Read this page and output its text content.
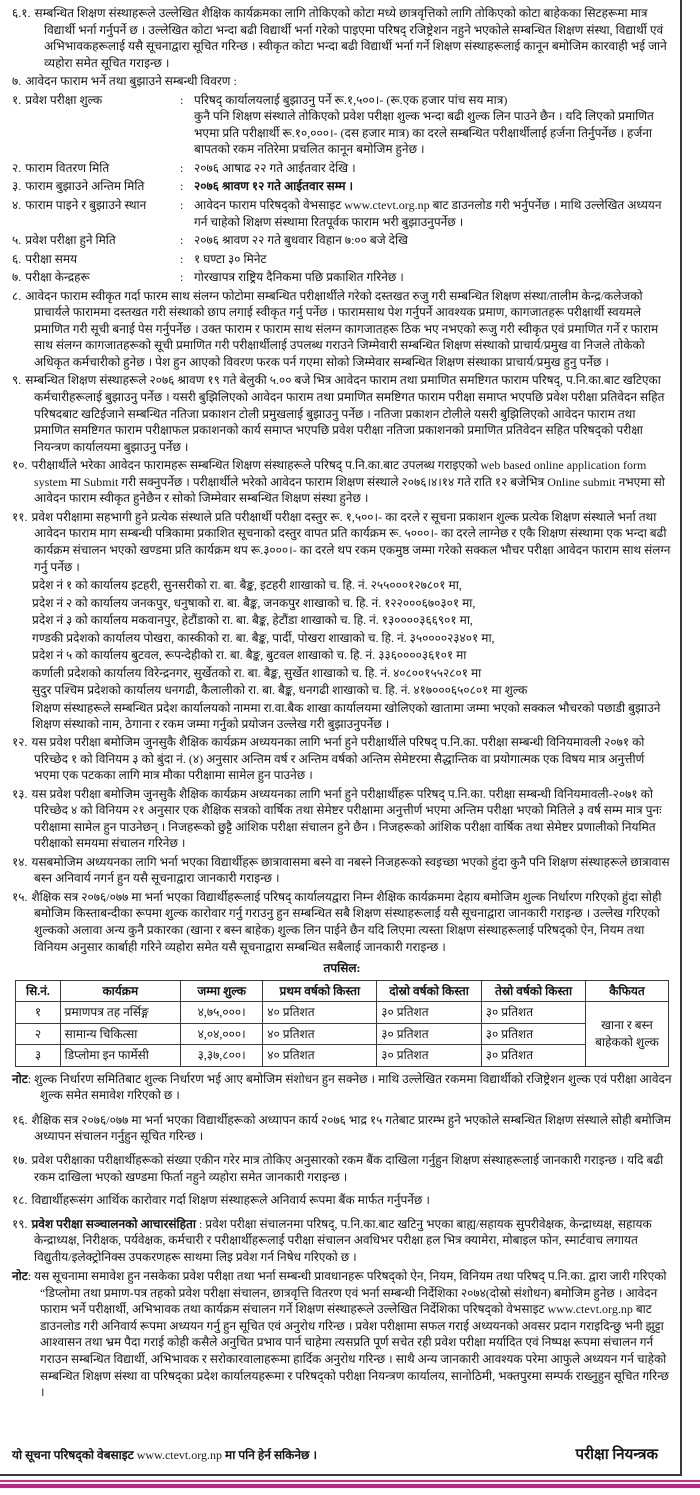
६.१. सम्बन्धित शिक्षण संस्थाहरूले उल्लेखित शैक्षिक कार्यक्रमका लागि तोकिएको कोटा मध्ये छात्रवृत्तिको लागि तोकिएको कोटा बाहेकका सिटहरूमा मात्र विद्यार्थी भर्ना गर्नुपर्ने छ । उल्लेखित कोटा भन्दा बढी विद्यार्थी भर्ना गरेको पाइएमा परिषद् रजिष्ट्रेशन नहुने भएकोले सम्बन्धित शिक्षण संस्था, विद्यार्थी एवं अभिभावकहरूलाई यसै सूचनाद्वारा सूचित गरिन्छ । स्वीकृत कोटा भन्दा बढी विद्यार्थी भर्ना गर्ने शिक्षण संस्थाहरूलाई कानून बमोजिम कारवाही भई जाने व्यहोरा समेत सूचित गराइन्छ ।
७. आवेदन फाराम भर्ने तथा बुझाउने सम्बन्धी विवरण :
१. प्रवेश परीक्षा शुल्क	: परिषद् कार्यालयलाई बुझाउनु पर्ने रू.१,५००।- (रू.एक हजार पांच सय मात्र)
कुनै पनि शिक्षण संस्थाले तोकिएको प्रवेश परीक्षा शुल्क भन्दा बढी शुल्क लिन पाउने छैन । यदि लिएको प्रमाणित भएमा प्रति परीक्षार्थी रू.१०,०००।- (दस हजार मात्र) का दरले सम्बन्धित परीक्षार्थीलाई हर्जना तिर्नुपर्नेछ । हर्जना बापतको रकम नतिरेमा प्रचलित कानून बमोजिम हुनेछ ।
२. फाराम वितरण मिति	: २०७६ आषाढ २२ गते आईतवार देखि ।
३. फाराम बुझाउने अन्तिम मिति	: २०७६ श्रावण १२ गते आईतवार सम्म ।
४. फाराम पाइने र बुझाउने स्थान	: आवेदन फाराम परिषद्को वेभसाइट www.ctevt.org.np बाट डाउनलोड गरी भर्नुपर्नेछ । माथि उल्लेखित अध्ययन गर्न चाहेको शिक्षण संस्थामा रितपूर्वक फाराम भरी बुझाउनुपर्नेछ ।
५. प्रवेश परीक्षा हुने मिति	: २०७६ श्रावण २२ गते बुधवार विहान ७:०० बजे देखि
६. परीक्षा समय	: १ घण्टा ३० मिनेट
७. परीक्षा केन्द्रहरू	: गोरखापत्र राष्ट्रिय दैनिकमा पछि प्रकाशित गरिनेछ ।
८. आवेदन फाराम स्वीकृत गर्दा फारम साथ संलग्न फोटोमा सम्बन्धित परीक्षार्थीले गरेको दस्तखत रुजु गरी सम्बन्धित शिक्षण संस्था/तालीम केन्द्र/कलेजको प्राचार्यले फाराममा दस्तखत गरी संस्थाको छाप लगाई स्वीकृत गर्नु पर्नेछ । फारामसाथ पेश गर्नुपर्ने आवश्यक प्रमाण, कागजातहरू परीक्षार्थी स्वयमले प्रमाणित गरी सूची बनाई पेस गर्नुपर्नेछ । उक्त फाराम र फाराम साथ संलग्न कागजातहरू ठिक भए नभएको रूजु गरी स्वीकृत एवं प्रमाणित गर्ने र फाराम साथ संलग्न कागजातहरूको सूची प्रमाणित गरी परीक्षार्थीलाई उपलब्ध गराउने जिम्मेवारी सम्बन्धित शिक्षण संस्थाको प्राचार्य/प्रमुख वा निजले तोकेको अधिकृत कर्मचारीको हुनेछ । पेश हुन आएको विवरण फरक पर्न गएमा सोको जिम्मेवार सम्बन्धित शिक्षण संस्थाका प्राचार्य/प्रमुख हुनु पर्नेछ ।
९. सम्बन्धित शिक्षण संस्थाहरूले २०७६ श्रावण १९ गते बेलुकी ५.०० बजे भित्र आवेदन फाराम तथा प्रमाणित समष्टिगत फाराम परिषद्, प.नि.का.बाट खटिएका कर्मचारीहरूलाई बुझाउनु पर्नेछ । यसरी बुझिलिएको आवेदन फाराम तथा प्रमाणित समष्टिगत फाराम परीक्षा समाप्त भएपछि प्रवेश परीक्षा प्रतिवेदन सहित परिषदबाट खटिईजाने सम्बन्धित नतिजा प्रकाशन टोली प्रमुखलाई बुझाउनु पर्नेछ । नतिजा प्रकाशन टोलीले यसरी बुझिलिएको आवेदन फाराम तथा प्रमाणित समष्टिगत फाराम परीक्षाफल प्रकाशनको कार्य समाप्त भएपछि प्रवेश परीक्षा नतिजा प्रकाशनको प्रमाणित प्रतिवेदन सहित परिषद्को परीक्षा नियन्त्रण कार्यालयमा बुझाउनु पर्नेछ ।
१०. परीक्षार्थीले भरेका आवेदन फारामहरू सम्बन्धित शिक्षण संस्थाहरूले परिषद् प.नि.का.बाट उपलब्ध गराइएको web based online application form system मा Submit गरी सक्नुपर्नेछ । परीक्षार्थीले भरेको आवेदन फाराम शिक्षण संस्थाले २०७६।४।१४ गते राति १२ बजेभित्र Online submit नभएमा सो आवेदन फाराम स्वीकृत हुनेछैन र सोको जिम्मेवार सम्बन्धित शिक्षण संस्था हुनेछ ।
११. प्रवेश परीक्षामा सहभागी हुने प्रत्येक संस्थाले प्रति परीक्षार्थी परीक्षा दस्तुर रू. १,५००।- का दरले र सूचना प्रकाशन शुल्क प्रत्येक शिक्षण संस्थाले भर्ना तथा आवेदन फाराम माग सम्बन्धी पत्रिकामा प्रकाशित सूचनाको दस्तुर वापत प्रति कार्यक्रम रू. ५०००।- का दरले लाग्नेछ र एकै शिक्षण संस्थामा एक भन्दा बढी कार्यक्रम संचालन भएको खण्डमा प्रति कार्यक्रम थप रू.३०००।- का दरले थप रकम एकमुष्ठ जम्मा गरेको सक्कल भौचर परीक्षा आवेदन फाराम साथ संलग्न गर्नु पर्नेछ ।
प्रदेश नं १ को कार्यालय इटहरी, सुनसरीको रा. बा. बैङ्क, इटहरी शाखाको च. हि. नं. २५५०००१२७८०१ मा,
प्रदेश नं २ को कार्यालय जनकपुर, धनुषाको रा. बा. बैङ्क, जनकपुर शाखाको च. हि. नं. १२२०००६७०३०१ मा,
प्रदेश नं ३ को कार्यालय मकवानपुर, हेटौंडाको रा. बा. बैङ्क, हेटौंडा शाखाको च. हि. नं. १३००००३६६९०१ मा,
गण्डकी प्रदेशको कार्यालय पोखरा, कास्कीको रा. बा. बैङ्क, पार्दी, पोखरा शाखाको च. हि. नं. ३५००००२३४०१ मा,
प्रदेश नं ५ को कार्यालय बुटवल, रूपन्देहीको रा. बा. बैङ्क, बुटवल शाखाको च. हि. नं. ३३६००००३६१०१ मा
कर्णाली प्रदेशको कार्यालय विरेन्द्रनगर, सुर्खेतको रा. बा. बैङ्क, सुर्खेत शाखाको च. हि. नं. ४०८००१५५२८०१ मा
सुदुर पश्चिम प्रदेशको कार्यालय धनगढी, कैलालीको रा. बा. बैङ्क, धनगढी शाखाको च. हि. नं. ४१७०००६५०८०१ मा शुल्क
शिक्षण संस्थाहरूले सम्बन्धित प्रदेश कार्यालयको नाममा रा.वा.बैक शाखा कार्यालयमा खोलिएको खातामा जम्मा भएको सक्कल भौचरको पछाडी बुझाउने शिक्षण संस्थाको नाम, ठेगाना र रकम जम्मा गर्नुको प्रयोजन उल्लेख गरी बुझाउनुपर्नेछ ।
१२. यस प्रवेश परीक्षा बमोजिम जुनसुकै शैक्षिक कार्यक्रम अध्ययनका लागि भर्ना हुने परीक्षार्थीले परिषद् प.नि.का. परीक्षा सम्बन्धी विनियमावली २०७१ को परिच्छेद १ को विनियम ३ को बुंदा नं. (४) अनुसार अन्तिम वर्ष र अन्तिम वर्षको अन्तिम सेमेष्टरमा सैद्धान्तिक वा प्रयोगात्मक एक विषय मात्र अनुत्तीर्ण भएमा एक पटकका लागि मात्र मौका परीक्षामा सामेल हुन पाउनेछ ।
१३. यस प्रवेश परीक्षा बमोजिम जुनसुकै शैक्षिक कार्यक्रम अध्ययनका लागि भर्ना हुने परीक्षार्थीहरू परिषद् प.नि.का. परीक्षा सम्बन्धी विनियमावली-२०७१ को परिच्छेद ४ को विनियम २१ अनुसार एक शैक्षिक सत्रको वार्षिक तथा सेमेष्टर परीक्षामा अनुत्तीर्ण भएमा अन्तिम परीक्षा भएको मितिले ३ वर्ष सम्म मात्र पुनः परीक्षामा सामेल हुन पाउनेछन् । निजहरूको छुट्टै आंशिक परीक्षा संचालन हुने छैन । निजहरूको आंशिक परीक्षा वार्षिक तथा सेमेष्टर प्रणालीको नियमित परीक्षाको समयमा संचालन गरिनेछ ।
१४. यसबमोजिम अध्ययनका लागि भर्ना भएका विद्यार्थीहरू छात्रावासमा बस्ने वा नबस्ने निजहरूको स्वइच्छा भएको हुंदा कुनै पनि शिक्षण संस्थाहरूले छात्रावास बस्न अनिवार्य नगर्न हुन यसै सूचनाद्वारा जानकारी गराइन्छ ।
१५. शैक्षिक सत्र २०७६/०७७ मा भर्ना भएका विद्यार्थीहरूलाई परिषद् कार्यालयद्वारा निम्न शैक्षिक कार्यक्रममा देहाय बमोजिम शुल्क निर्धारण गरिएको हुंदा सोही बमोजिम किस्ताबन्दीका रूपमा शुल्क कारोवार गर्नु गराउनु हुन सम्बन्धित सबै शिक्षण संस्थाहरूलाई यसै सूचनाद्वारा जानकारी गराइन्छ । उल्लेख गरिएको शुल्कको अलावा अन्य कुनै प्रकारका (खाना र बस्न बाहेक) शुल्क लिन पाईने छैन यदि लिएमा त्यस्ता शिक्षण संस्थाहरूलाई परिषद्को ऐन, नियम तथा विनियम अनुसार कार्बाही गरिने व्यहोरा समेत यसै सूचनाद्वारा सम्बन्धित सबैलाई जानकारी गराइन्छ ।
तपसिल:
सि.नं.	कार्यक्रम	जम्मा शुल्क	प्रथम वर्षको किस्ता	दोस्रो वर्षको किस्ता	तेस्रो वर्षको किस्ता	कैफियत
१	प्रमाणपत्र तह नर्सिङ्ग	४,७५,०००।	४० प्रतिशत	३० प्रतिशत	३० प्रतिशत	खाना र बस्न बाहेकको शुल्क
२	सामान्य चिकित्सा	४,०४,०००।	४० प्रतिशत	३० प्रतिशत	३० प्रतिशत	
३	डिप्लोमा इन फार्मेसी	३,३७,८००।	४० प्रतिशत	३० प्रतिशत	३० प्रतिशत	
नोट: शुल्क निर्धारण समितिबाट शुल्क निर्धारण भई आए बमोजिम संशोधन हुन सक्नेछ । माथि उल्लेखित रकममा विद्यार्थीको रजिष्ट्रेशन शुल्क एवं परीक्षा आवेदन शुल्क समेत समावेश गरिएको छ ।
१६. शैक्षिक सत्र २०७६/०७७ मा भर्ना भएका विद्यार्थीहरूको अध्यापन कार्य २०७६ भाद्र १५ गतेबाट प्रारम्भ हुने भएकोले सम्बन्धित शिक्षण संस्थाले सोही बमोजिम अध्यापन संचालन गर्नुहुन सूचित गरिन्छ ।
१७. प्रवेश परीक्षाका परीक्षार्थीहरूको संख्या एकीन गरेर मात्र तोकिए अनुसारको रकम बैंक दाखिला गर्नुहुन शिक्षण संस्थाहरूलाई जानकारी गराइन्छ । यदि बढी रकम दाखिला भएको खण्डमा फिर्ता नहुने व्यहोरा समेत जानकारी गराइन्छ ।
१८. विद्यार्थीहरूसंग आर्थिक कारोवार गर्दा शिक्षण संस्थाहरूले अनिवार्य रूपमा बैंक मार्फत गर्नुपर्नेछ ।
१९. प्रवेश परीक्षा सञ्चालनको आचारसंहिता : प्रवेश परीक्षा संचालनमा परिषद्, प.नि.का.बाट खटिनु भएका बाह्य/सहायक सुपरीवेक्षक, केन्द्राध्यक्ष, सहायक केन्द्राध्यक्ष, निरीक्षक, पर्यवेक्षक, कर्मचारी र परीक्षार्थीहरूलाई परीक्षा संचालन अवधिभर परीक्षा हल भित्र क्यामेरा, मोबाइल फोन, स्मार्टवाच लगायत विद्युतीय/इलेक्ट्रोनिक्स उपकरणहरू साथमा लिइ प्रवेश गर्न निषेध गरिएको छ ।
नोट: यस सूचनामा समावेश हुन नसकेका प्रवेश परीक्षा तथा भर्ना सम्बन्धी प्रावधानहरू परिषद्को ऐन, नियम, विनियम तथा परिषद् प.नि.का. द्वारा जारी गरिएको “डिप्लोमा तथा प्रमाण-पत्र तहको प्रवेश परीक्षा संचालन, छात्रवृत्ति वितरण एवं भर्ना सम्बन्धी निर्देशिका २०७४(दोस्रो संशोधन) बमोजिम हुनेछ । आवेदन फाराम भर्ने परीक्षार्थी, अभिभावक तथा कार्यक्रम संचालन गर्ने शिक्षण संस्थाहरूले उल्लेखित निर्देशिका परिषद्को वेभसाइट www.ctevt.org.np बाट डाउनलोड गरी अनिवार्य रूपमा अध्ययन गर्नु हुन सूचित एवं अनुरोध गरिन्छ । प्रवेश परीक्षामा सफल गराई अध्ययनको अवसर प्रदान गराइदिन्छु भनी झुट्टा आश्वासन तथा भ्रम पैदा गराई कोही कसैले अनुचित प्रभाव पार्न चाहेमा त्यसप्रति पूर्ण सचेत रही प्रवेश परीक्षा मर्यादित एवं निष्पक्ष रूपमा संचालन गर्न गराउन सम्बन्धित विद्यार्थी, अभिभावक र सरोकारवालाहरूमा हार्दिक अनुरोध गरिन्छ । साथै अन्य जानकारी आवश्यक परेमा आफुले अध्ययन गर्न चाहेको सम्बन्धित शिक्षण संस्था वा परिषद्का प्रदेश कार्यालयहरूमा र परिषद्को परीक्षा नियन्त्रण कार्यालय, सानोठिमी, भक्तपुरमा सम्पर्क राख्नुहुन सूचित गरिन्छ ।
यो सूचना परिषद्को वेबसाइट www.ctevt.org.np मा पनि हेर्न सकिनेछ ।	परीक्षा नियन्त्रक
